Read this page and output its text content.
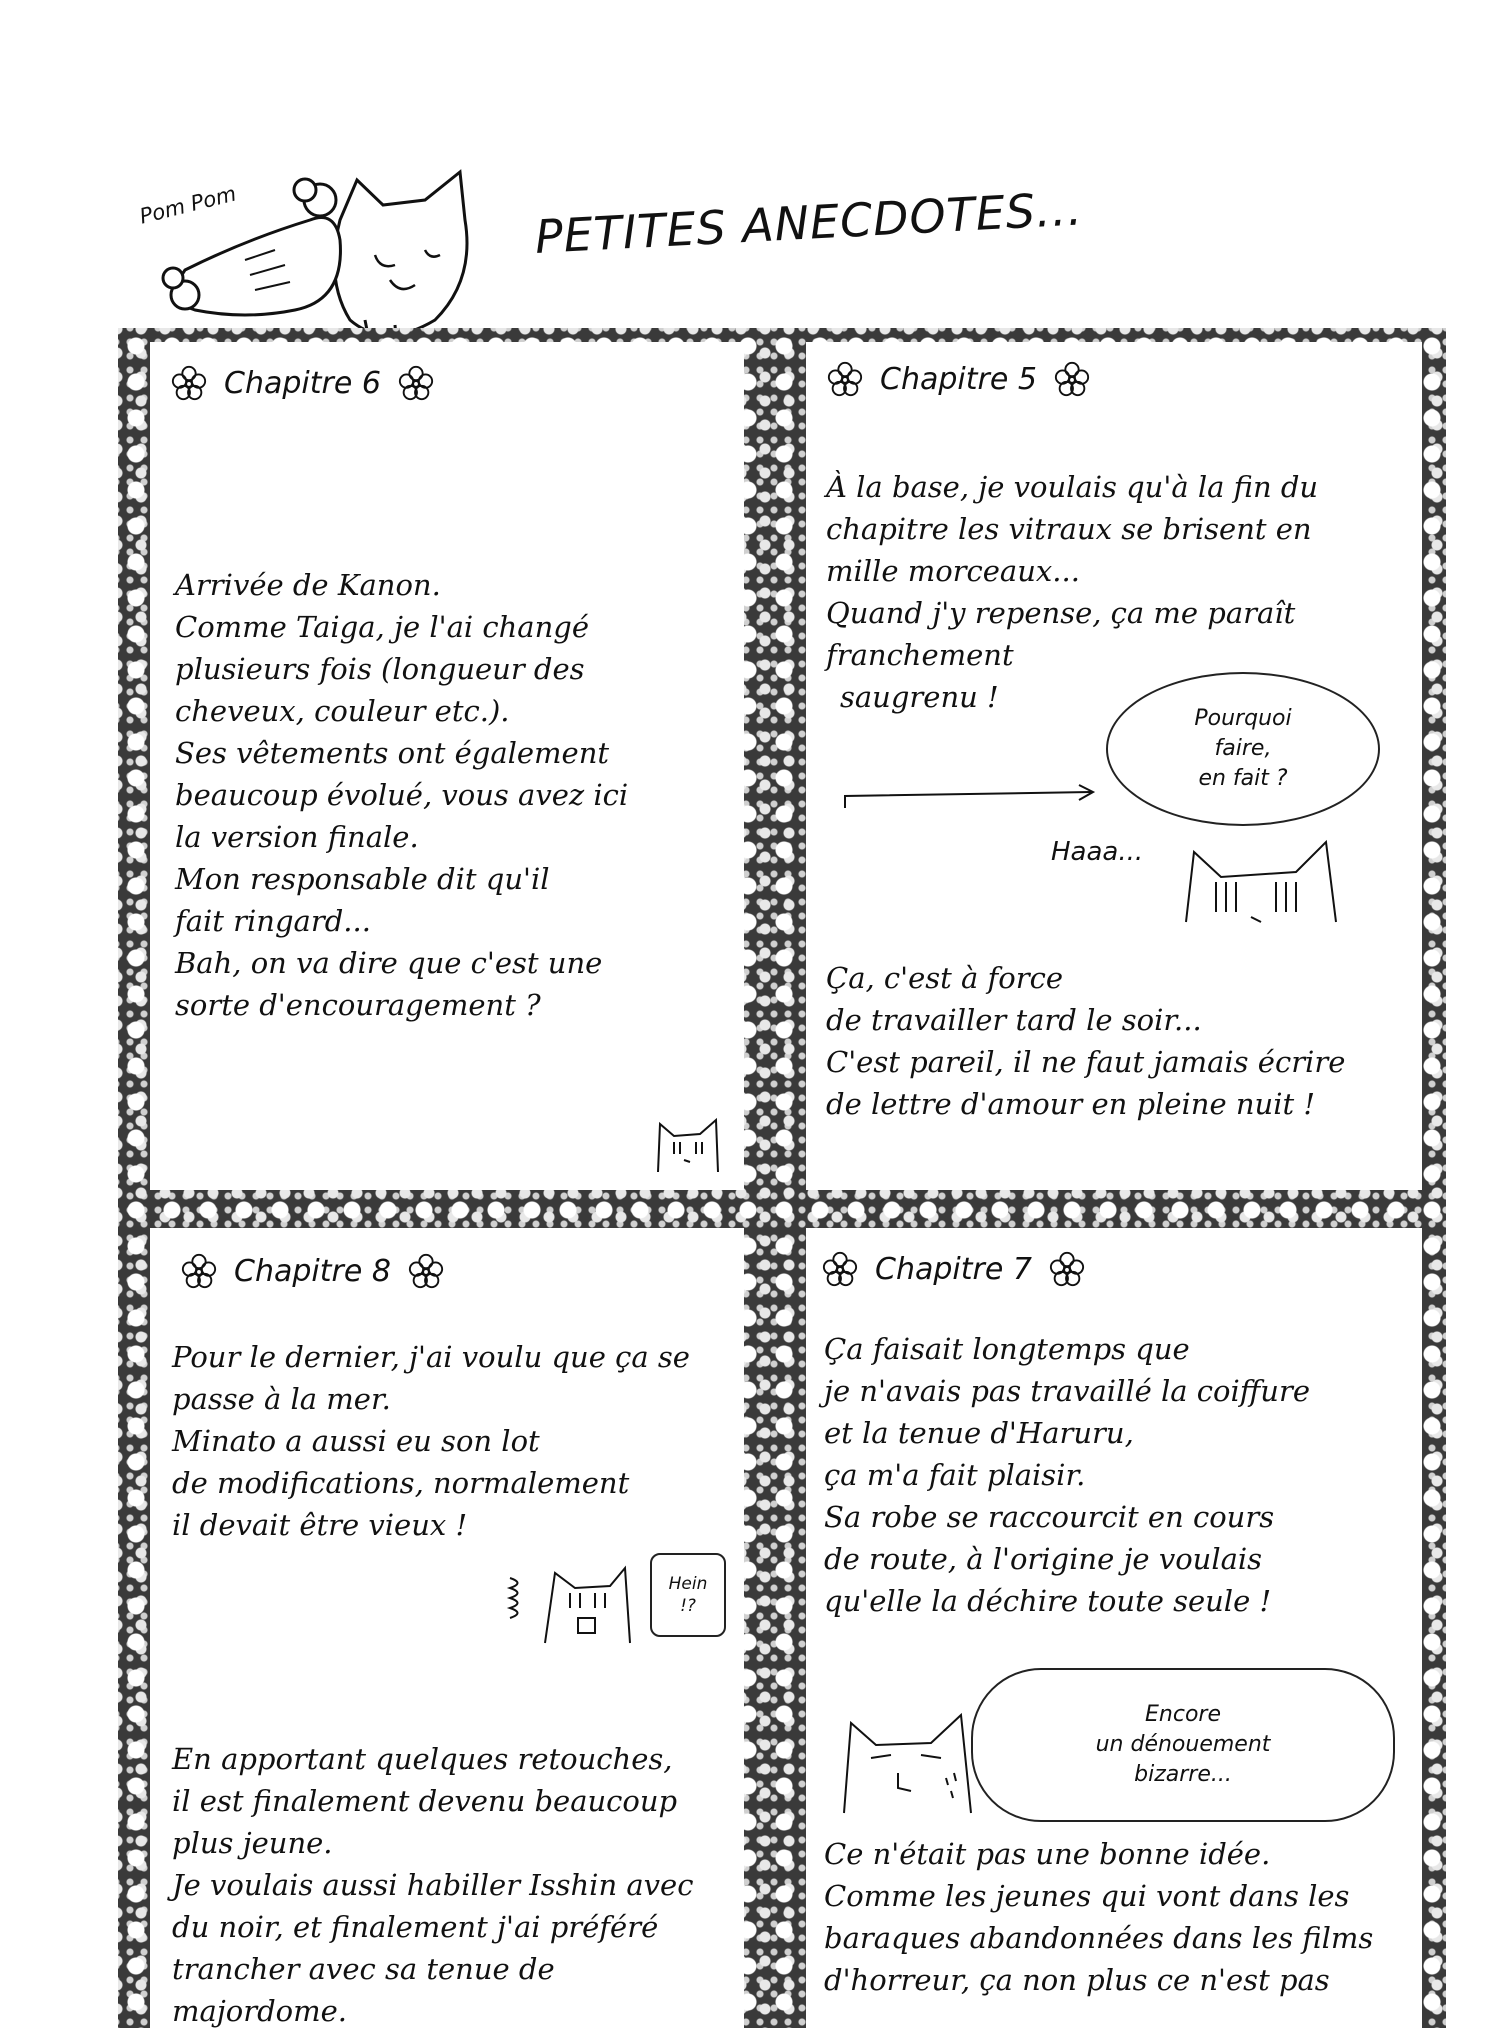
Pom Pom	PETITES ANECDOTES...
Chapitre 6
Arrivée de Kanon.
Comme Taiga, je l'ai changé
plusieurs fois (longueur des
cheveux, couleur etc.).
Ses vêtements ont également
beaucoup évolué, vous avez ici
la version finale.
Mon responsable dit qu'il
fait ringard...
Bah, on va dire que c'est une
sorte d'encouragement ?
Chapitre 5
À la base, je voulais qu'à la fin du
chapitre les vitraux se brisent en
mille morceaux...
Quand j'y repense, ça me paraît
franchement
saugrenu !
Pourquoi
faire,
en fait ?
Haaa...
Ça, c'est à force
de travailler tard le soir...
C'est pareil, il ne faut jamais écrire
de lettre d'amour en pleine nuit !
Chapitre 8
Pour le dernier, j'ai voulu que ça se
passe à la mer.
Minato a aussi eu son lot
de modifications, normalement
il devait être vieux !
Hein
!?
En apportant quelques retouches,
il est finalement devenu beaucoup
plus jeune.
Je voulais aussi habiller Isshin avec
du noir, et finalement j'ai préféré
trancher avec sa tenue de
majordome.
Chapitre 7
Ça faisait longtemps que
je n'avais pas travaillé la coiffure
et la tenue d'Haruru,
ça m'a fait plaisir.
Sa robe se raccourcit en cours
de route, à l'origine je voulais
qu'elle la déchire toute seule !
Encore
un dénouement
bizarre...
Ce n'était pas une bonne idée.
Comme les jeunes qui vont dans les
baraques abandonnées dans les films
d'horreur, ça non plus ce n'est pas
